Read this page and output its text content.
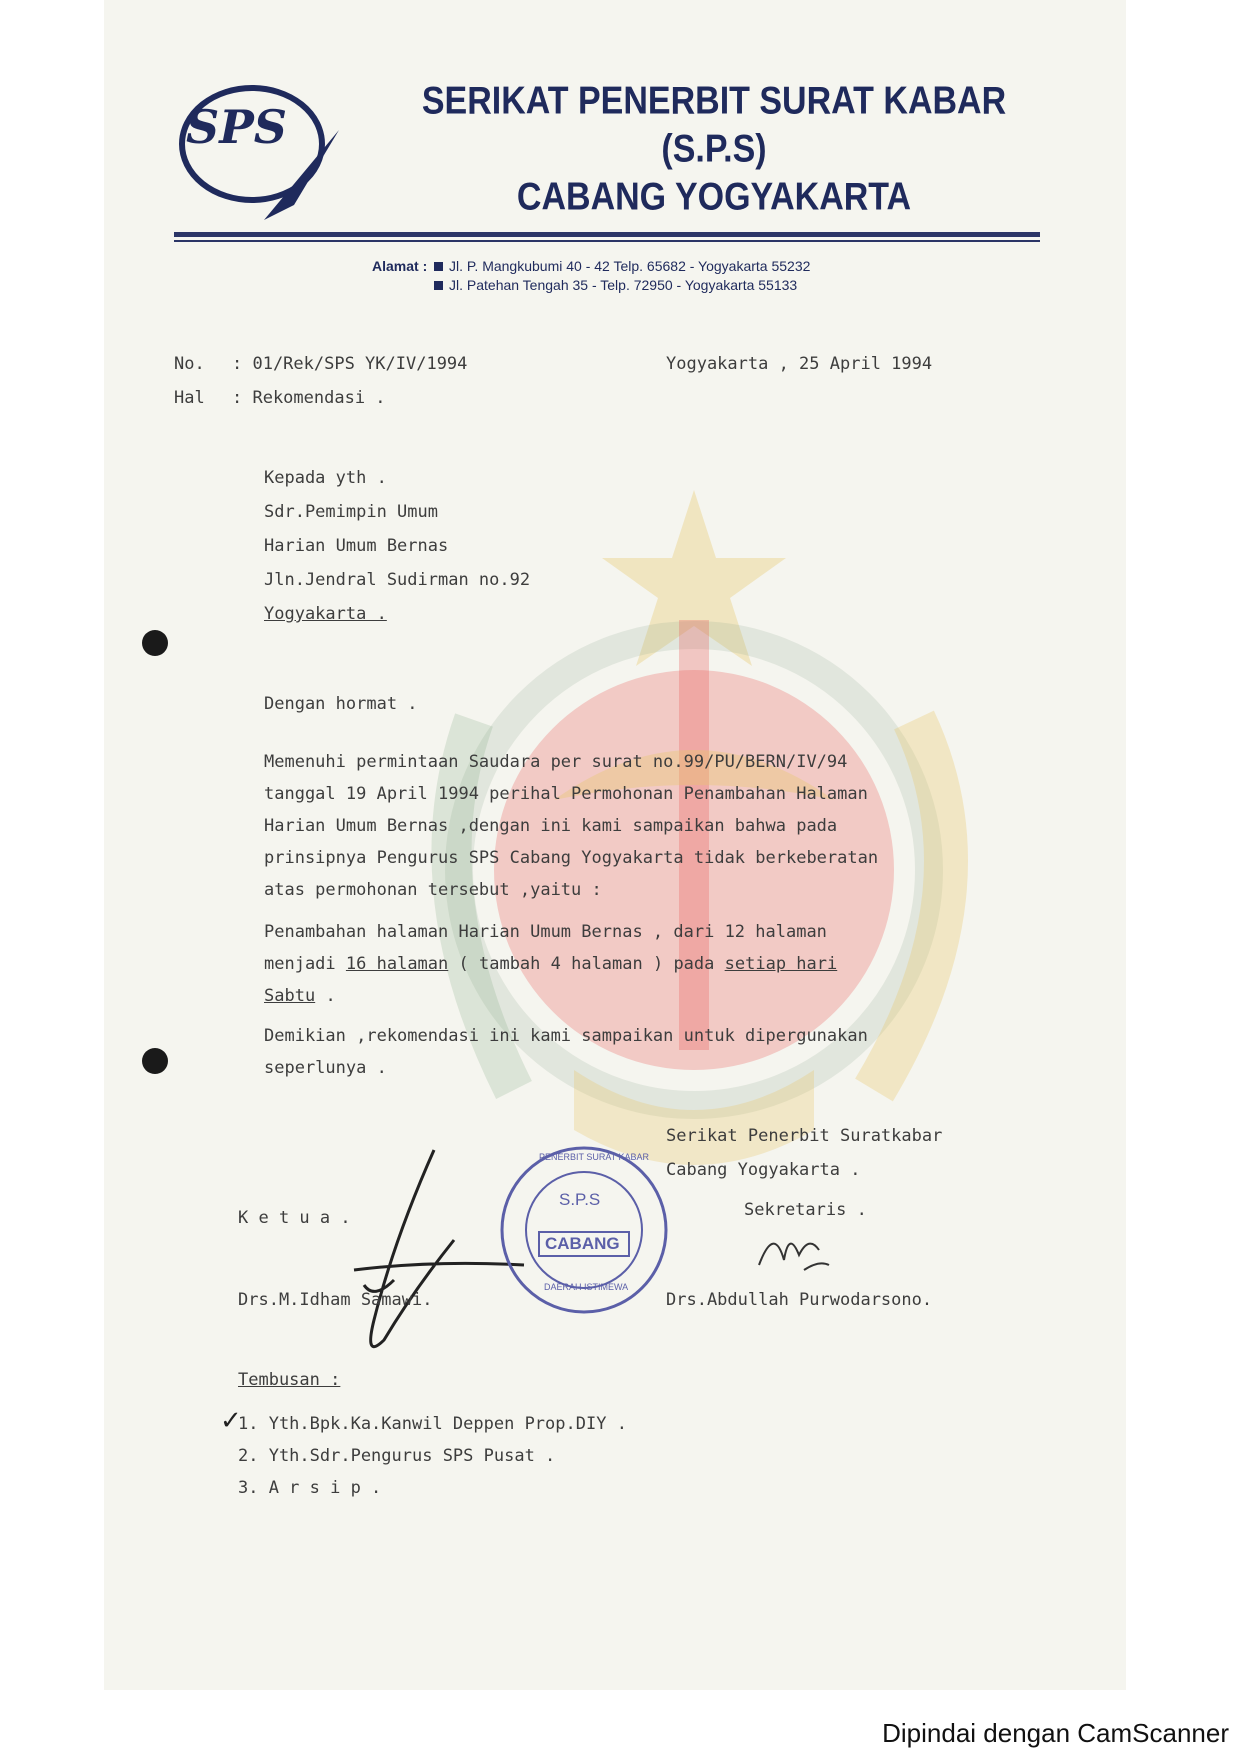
SPS	SERIKAT PENERBIT SURAT KABAR
(S.P.S)
CABANG YOGYAKARTA
Alamat : Jl. P. Mangkubumi 40 - 42 Telp. 65682 - Yogyakarta 55232
Jl. Patehan Tengah 35 - Telp. 72950 - Yogyakarta 55133
No. : 01/Rek/SPS YK/IV/1994	Yogyakarta , 25 April 1994
Hal : Rekomendasi .
Kepada yth .
Sdr.Pemimpin Umum
Harian Umum Bernas
Jln.Jendral Sudirman no.92
Yogyakarta .
Dengan hormat .
Memenuhi permintaan Saudara per surat no.99/PU/BERN/IV/94
tanggal 19 April 1994 perihal Permohonan Penambahan Halaman
Harian Umum Bernas ,dengan ini kami sampaikan bahwa pada
prinsipnya Pengurus SPS Cabang Yogyakarta tidak berkeberatan
atas permohonan tersebut ,yaitu :
Penambahan halaman Harian Umum Bernas , dari 12 halaman
menjadi 16 halaman ( tambah 4 halaman ) pada setiap hari
Sabtu .
Demikian ,rekomendasi ini kami sampaikan untuk dipergunakan
seperlunya .
Serikat Penerbit Suratkabar
Cabang Yogyakarta .
K e t u a .	Sekretaris .
PENERBIT SURAT KABAR
S.P.S
CABANG
DAERAH ISTIMEWA
Drs.M.Idham Samawi.	Drs.Abdullah Purwodarsono.
Tembusan :
✓
1. Yth.Bpk.Ka.Kanwil Deppen Prop.DIY .
2. Yth.Sdr.Pengurus SPS Pusat .
3. A r s i p .
Dipindai dengan CamScanner
